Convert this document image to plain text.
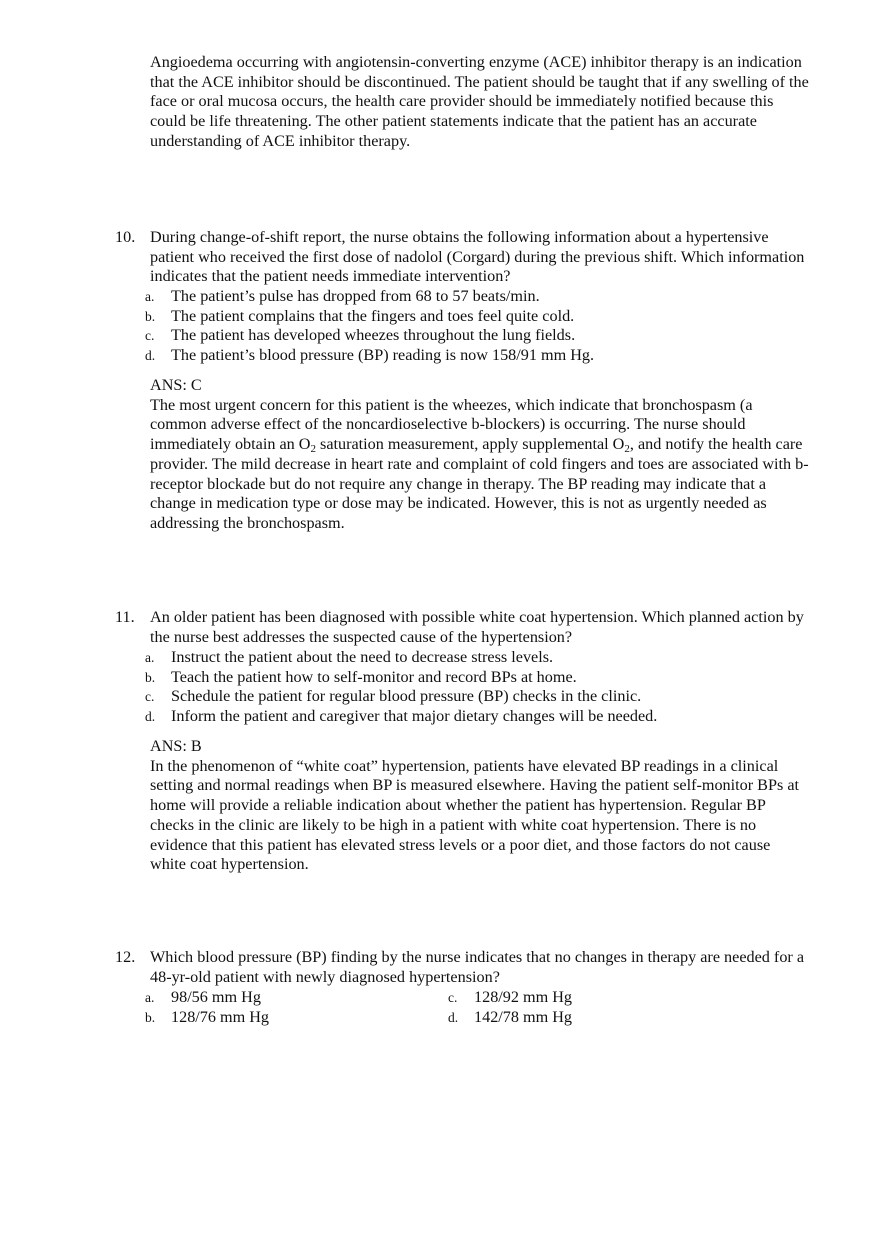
Angioedema occurring with angiotensin-converting enzyme (ACE) inhibitor therapy is an indication that the ACE inhibitor should be discontinued. The patient should be taught that if any swelling of the face or oral mucosa occurs, the health care provider should be immediately notified because this could be life threatening. The other patient statements indicate that the patient has an accurate understanding of ACE inhibitor therapy.

10. During change-of-shift report, the nurse obtains the following information about a hypertensive patient who received the first dose of nadolol (Corgard) during the previous shift. Which information indicates that the patient needs immediate intervention?

a. The patient’s pulse has dropped from 68 to 57 beats/min.
b. The patient complains that the fingers and toes feel quite cold.
c. The patient has developed wheezes throughout the lung fields.
d. The patient’s blood pressure (BP) reading is now 158/91 mm Hg.

ANS: C

The most urgent concern for this patient is the wheezes, which indicate that bronchospasm (a common adverse effect of the noncardioselective b-blockers) is occurring. The nurse should immediately obtain an $O_2$ saturation measurement, apply supplemental $O_2$, and notify the health care provider. The mild decrease in heart rate and complaint of cold fingers and toes are associated with b-receptor blockade but do not require any change in therapy. The BP reading may indicate that a change in medication type or dose may be indicated. However, this is not as urgently needed as addressing the bronchospasm.

11. An older patient has been diagnosed with possible white coat hypertension. Which planned action by the nurse best addresses the suspected cause of the hypertension?

a. Instruct the patient about the need to decrease stress levels.
b. Teach the patient how to self-monitor and record BPs at home.
c. Schedule the patient for regular blood pressure (BP) checks in the clinic.
d. Inform the patient and caregiver that major dietary changes will be needed.

ANS: B

In the phenomenon of “white coat” hypertension, patients have elevated BP readings in a clinical setting and normal readings when BP is measured elsewhere. Having the patient self-monitor BPs at home will provide a reliable indication about whether the patient has hypertension. Regular BP checks in the clinic are likely to be high in a patient with white coat hypertension. There is no evidence that this patient has elevated stress levels or a poor diet, and those factors do not cause white coat hypertension.

12. Which blood pressure (BP) finding by the nurse indicates that no changes in therapy are needed for a 48-yr-old patient with newly diagnosed hypertension?

a. 98/56 mm Hg
b. 128/76 mm Hg
c. 128/92 mm Hg
d. 142/78 mm Hg
